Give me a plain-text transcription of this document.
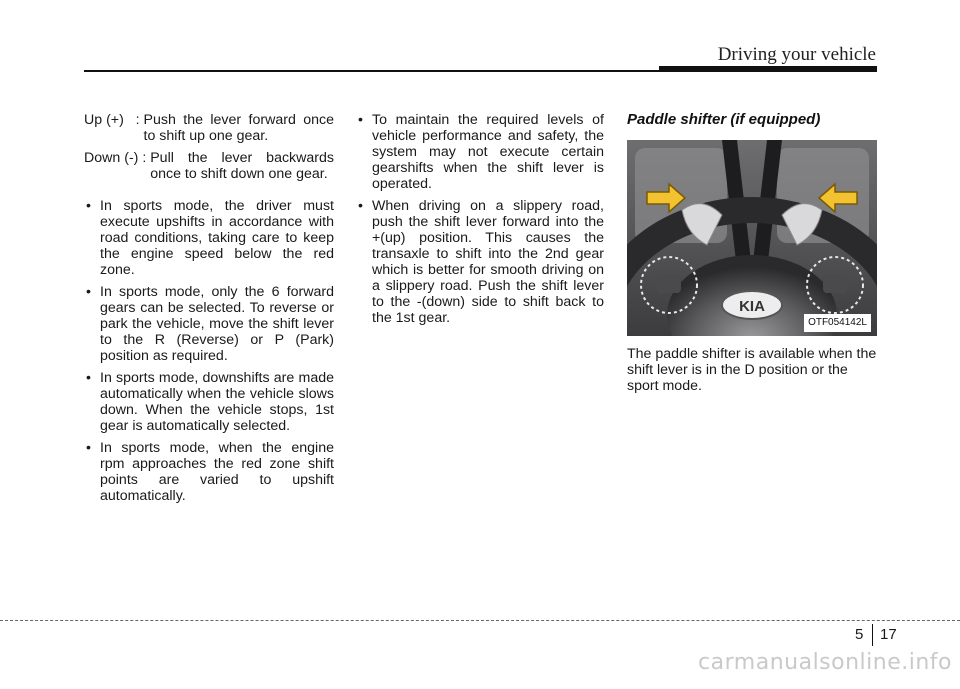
Driving your vehicle
Up (+)   : Push the lever forward once to shift up one gear.
Down (-) : Pull the lever backwards once to shift down one gear.
• In sports mode, the driver must execute upshifts in accordance with road conditions, taking care to keep the engine speed below the red zone.
• In sports mode, only the 6 forward gears can be selected. To reverse or park the vehicle, move the shift lever to the R (Reverse) or P (Park) position as required.
• In sports mode, downshifts are made automatically when the vehicle slows down. When the vehicle stops, 1st gear is automatically selected.
• In sports mode, when the engine rpm approaches the red zone shift points are varied to upshift automatically.
• To maintain the required levels of vehicle performance and safety, the system may not execute certain gearshifts when the shift lever is operated.
• When driving on a slippery road, push the shift lever forward into the +(up) position. This causes the transaxle to shift into the 2nd gear which is better for smooth driving on a slippery road. Push the shift lever to the -(down) side to shift back to the 1st gear.
Paddle shifter (if equipped)
KIA
OTF054142L

The paddle shifter is available when the shift lever is in the D position or the sport mode.

5 17
carmanualsonline.info
